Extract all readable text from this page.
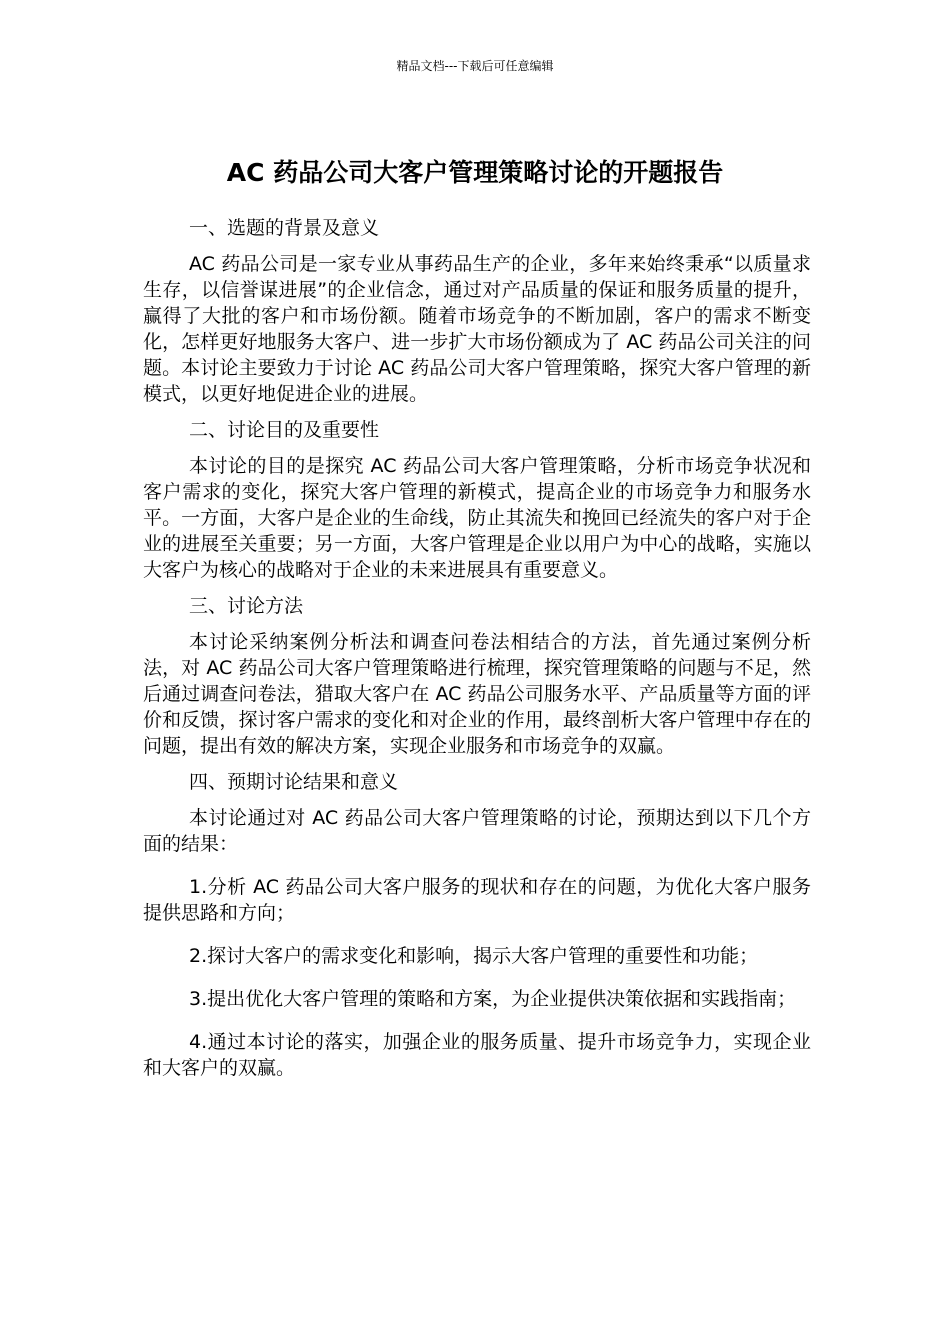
精品文档---下载后可任意编辑
AC 药品公司大客户管理策略讨论的开题报告

一、选题的背景及意义

AC 药品公司是一家专业从事药品生产的企业，多年来始终秉承“以质量求生存，以信誉谋进展”的企业信念，通过对产品质量的保证和服务质量的提升，赢得了大批的客户和市场份额。随着市场竞争的不断加剧，客户的需求不断变化，怎样更好地服务大客户、进一步扩大市场份额成为了 AC 药品公司关注的问题。本讨论主要致力于讨论 AC 药品公司大客户管理策略，探究大客户管理的新模式，以更好地促进企业的进展。

二、讨论目的及重要性

本讨论的目的是探究 AC 药品公司大客户管理策略，分析市场竞争状况和客户需求的变化，探究大客户管理的新模式，提高企业的市场竞争力和服务水平。一方面，大客户是企业的生命线，防止其流失和挽回已经流失的客户对于企业的进展至关重要；另一方面，大客户管理是企业以用户为中心的战略，实施以大客户为核心的战略对于企业的未来进展具有重要意义。

三、讨论方法

本讨论采纳案例分析法和调查问卷法相结合的方法，首先通过案例分析法，对 AC 药品公司大客户管理策略进行梳理，探究管理策略的问题与不足，然后通过调查问卷法，猎取大客户在 AC 药品公司服务水平、产品质量等方面的评价和反馈，探讨客户需求的变化和对企业的作用，最终剖析大客户管理中存在的问题，提出有效的解决方案，实现企业服务和市场竞争的双赢。

四、预期讨论结果和意义

本讨论通过对 AC 药品公司大客户管理策略的讨论，预期达到以下几个方面的结果：

1.分析 AC 药品公司大客户服务的现状和存在的问题，为优化大客户服务提供思路和方向；

2.探讨大客户的需求变化和影响，揭示大客户管理的重要性和功能；

3.提出优化大客户管理的策略和方案，为企业提供决策依据和实践指南；

4.通过本讨论的落实，加强企业的服务质量、提升市场竞争力，实现企业和大客户的双赢。
